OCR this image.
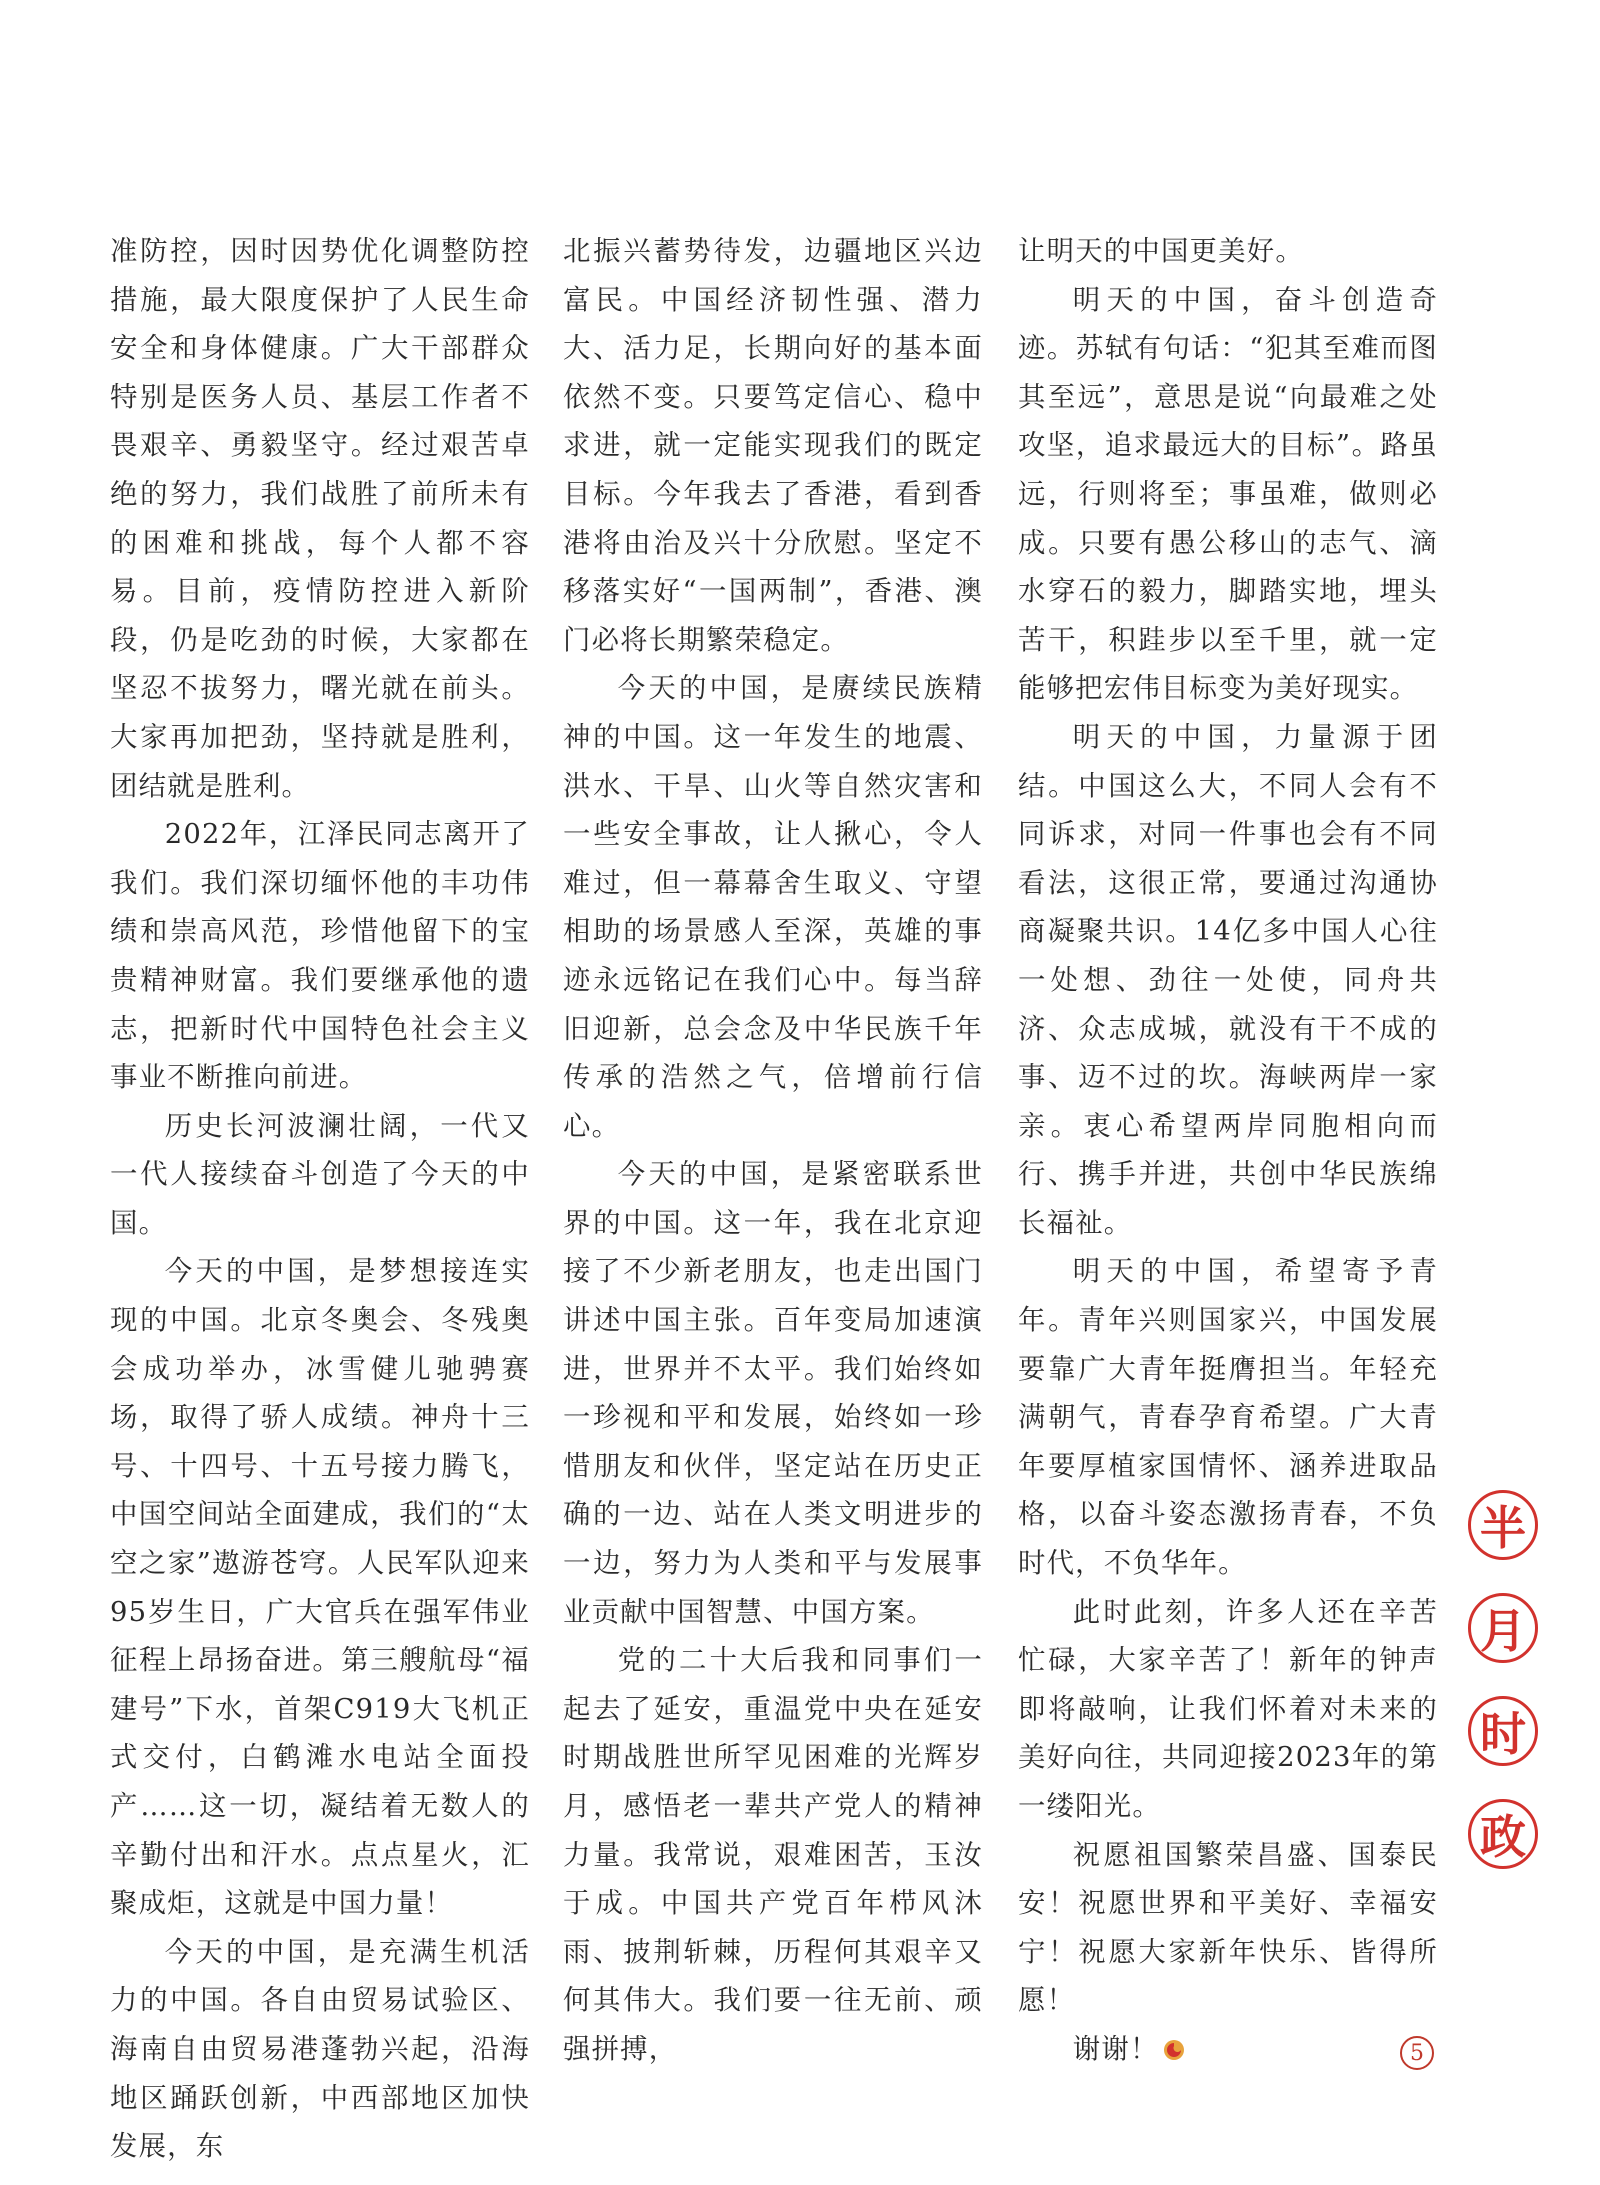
准防控，因时因势优化调整防控措施，最大限度保护了人民生命安全和身体健康。广大干部群众特别是医务人员、基层工作者不畏艰辛、勇毅坚守。经过艰苦卓绝的努力，我们战胜了前所未有的困难和挑战，每个人都不容易。目前，疫情防控进入新阶段，仍是吃劲的时候，大家都在坚忍不拔努力，曙光就在前头。大家再加把劲，坚持就是胜利，团结就是胜利。

2022年，江泽民同志离开了我们。我们深切缅怀他的丰功伟绩和崇高风范，珍惜他留下的宝贵精神财富。我们要继承他的遗志，把新时代中国特色社会主义事业不断推向前进。

历史长河波澜壮阔，一代又一代人接续奋斗创造了今天的中国。

今天的中国，是梦想接连实现的中国。北京冬奥会、冬残奥会成功举办，冰雪健儿驰骋赛场，取得了骄人成绩。神舟十三号、十四号、十五号接力腾飞，中国空间站全面建成，我们的“太空之家”遨游苍穹。人民军队迎来95岁生日，广大官兵在强军伟业征程上昂扬奋进。第三艘航母“福建号”下水，首架C919大飞机正式交付，白鹤滩水电站全面投产……这一切，凝结着无数人的辛勤付出和汗水。点点星火，汇聚成炬，这就是中国力量！

今天的中国，是充满生机活力的中国。各自由贸易试验区、海南自由贸易港蓬勃兴起，沿海地区踊跃创新，中西部地区加快发展，东

北振兴蓄势待发，边疆地区兴边富民。中国经济韧性强、潜力大、活力足，长期向好的基本面依然不变。只要笃定信心、稳中求进，就一定能实现我们的既定目标。今年我去了香港，看到香港将由治及兴十分欣慰。坚定不移落实好“一国两制”，香港、澳门必将长期繁荣稳定。

今天的中国，是赓续民族精神的中国。这一年发生的地震、洪水、干旱、山火等自然灾害和一些安全事故，让人揪心，令人难过，但一幕幕舍生取义、守望相助的场景感人至深，英雄的事迹永远铭记在我们心中。每当辞旧迎新，总会念及中华民族千年传承的浩然之气，倍增前行信心。

今天的中国，是紧密联系世界的中国。这一年，我在北京迎接了不少新老朋友，也走出国门讲述中国主张。百年变局加速演进，世界并不太平。我们始终如一珍视和平和发展，始终如一珍惜朋友和伙伴，坚定站在历史正确的一边、站在人类文明进步的一边，努力为人类和平与发展事业贡献中国智慧、中国方案。

党的二十大后我和同事们一起去了延安，重温党中央在延安时期战胜世所罕见困难的光辉岁月，感悟老一辈共产党人的精神力量。我常说，艰难困苦，玉汝于成。中国共产党百年栉风沐雨、披荆斩棘，历程何其艰辛又何其伟大。我们要一往无前、顽强拼搏，

让明天的中国更美好。

明天的中国，奋斗创造奇迹。苏轼有句话：“犯其至难而图其至远”，意思是说“向最难之处攻坚，追求最远大的目标”。路虽远，行则将至；事虽难，做则必成。只要有愚公移山的志气、滴水穿石的毅力，脚踏实地，埋头苦干，积跬步以至千里，就一定能够把宏伟目标变为美好现实。

明天的中国，力量源于团结。中国这么大，不同人会有不同诉求，对同一件事也会有不同看法，这很正常，要通过沟通协商凝聚共识。14亿多中国人心往一处想、劲往一处使，同舟共济、众志成城，就没有干不成的事、迈不过的坎。海峡两岸一家亲。衷心希望两岸同胞相向而行、携手并进，共创中华民族绵长福祉。

明天的中国，希望寄予青年。青年兴则国家兴，中国发展要靠广大青年挺膺担当。年轻充满朝气，青春孕育希望。广大青年要厚植家国情怀、涵养进取品格，以奋斗姿态激扬青春，不负时代，不负华年。

此时此刻，许多人还在辛苦忙碌，大家辛苦了！新年的钟声即将敲响，让我们怀着对未来的美好向往，共同迎接2023年的第一缕阳光。

祝愿祖国繁荣昌盛、国泰民安！祝愿世界和平美好、幸福安宁！祝愿大家新年快乐、皆得所愿！

谢谢！

半
月
时
政
5
